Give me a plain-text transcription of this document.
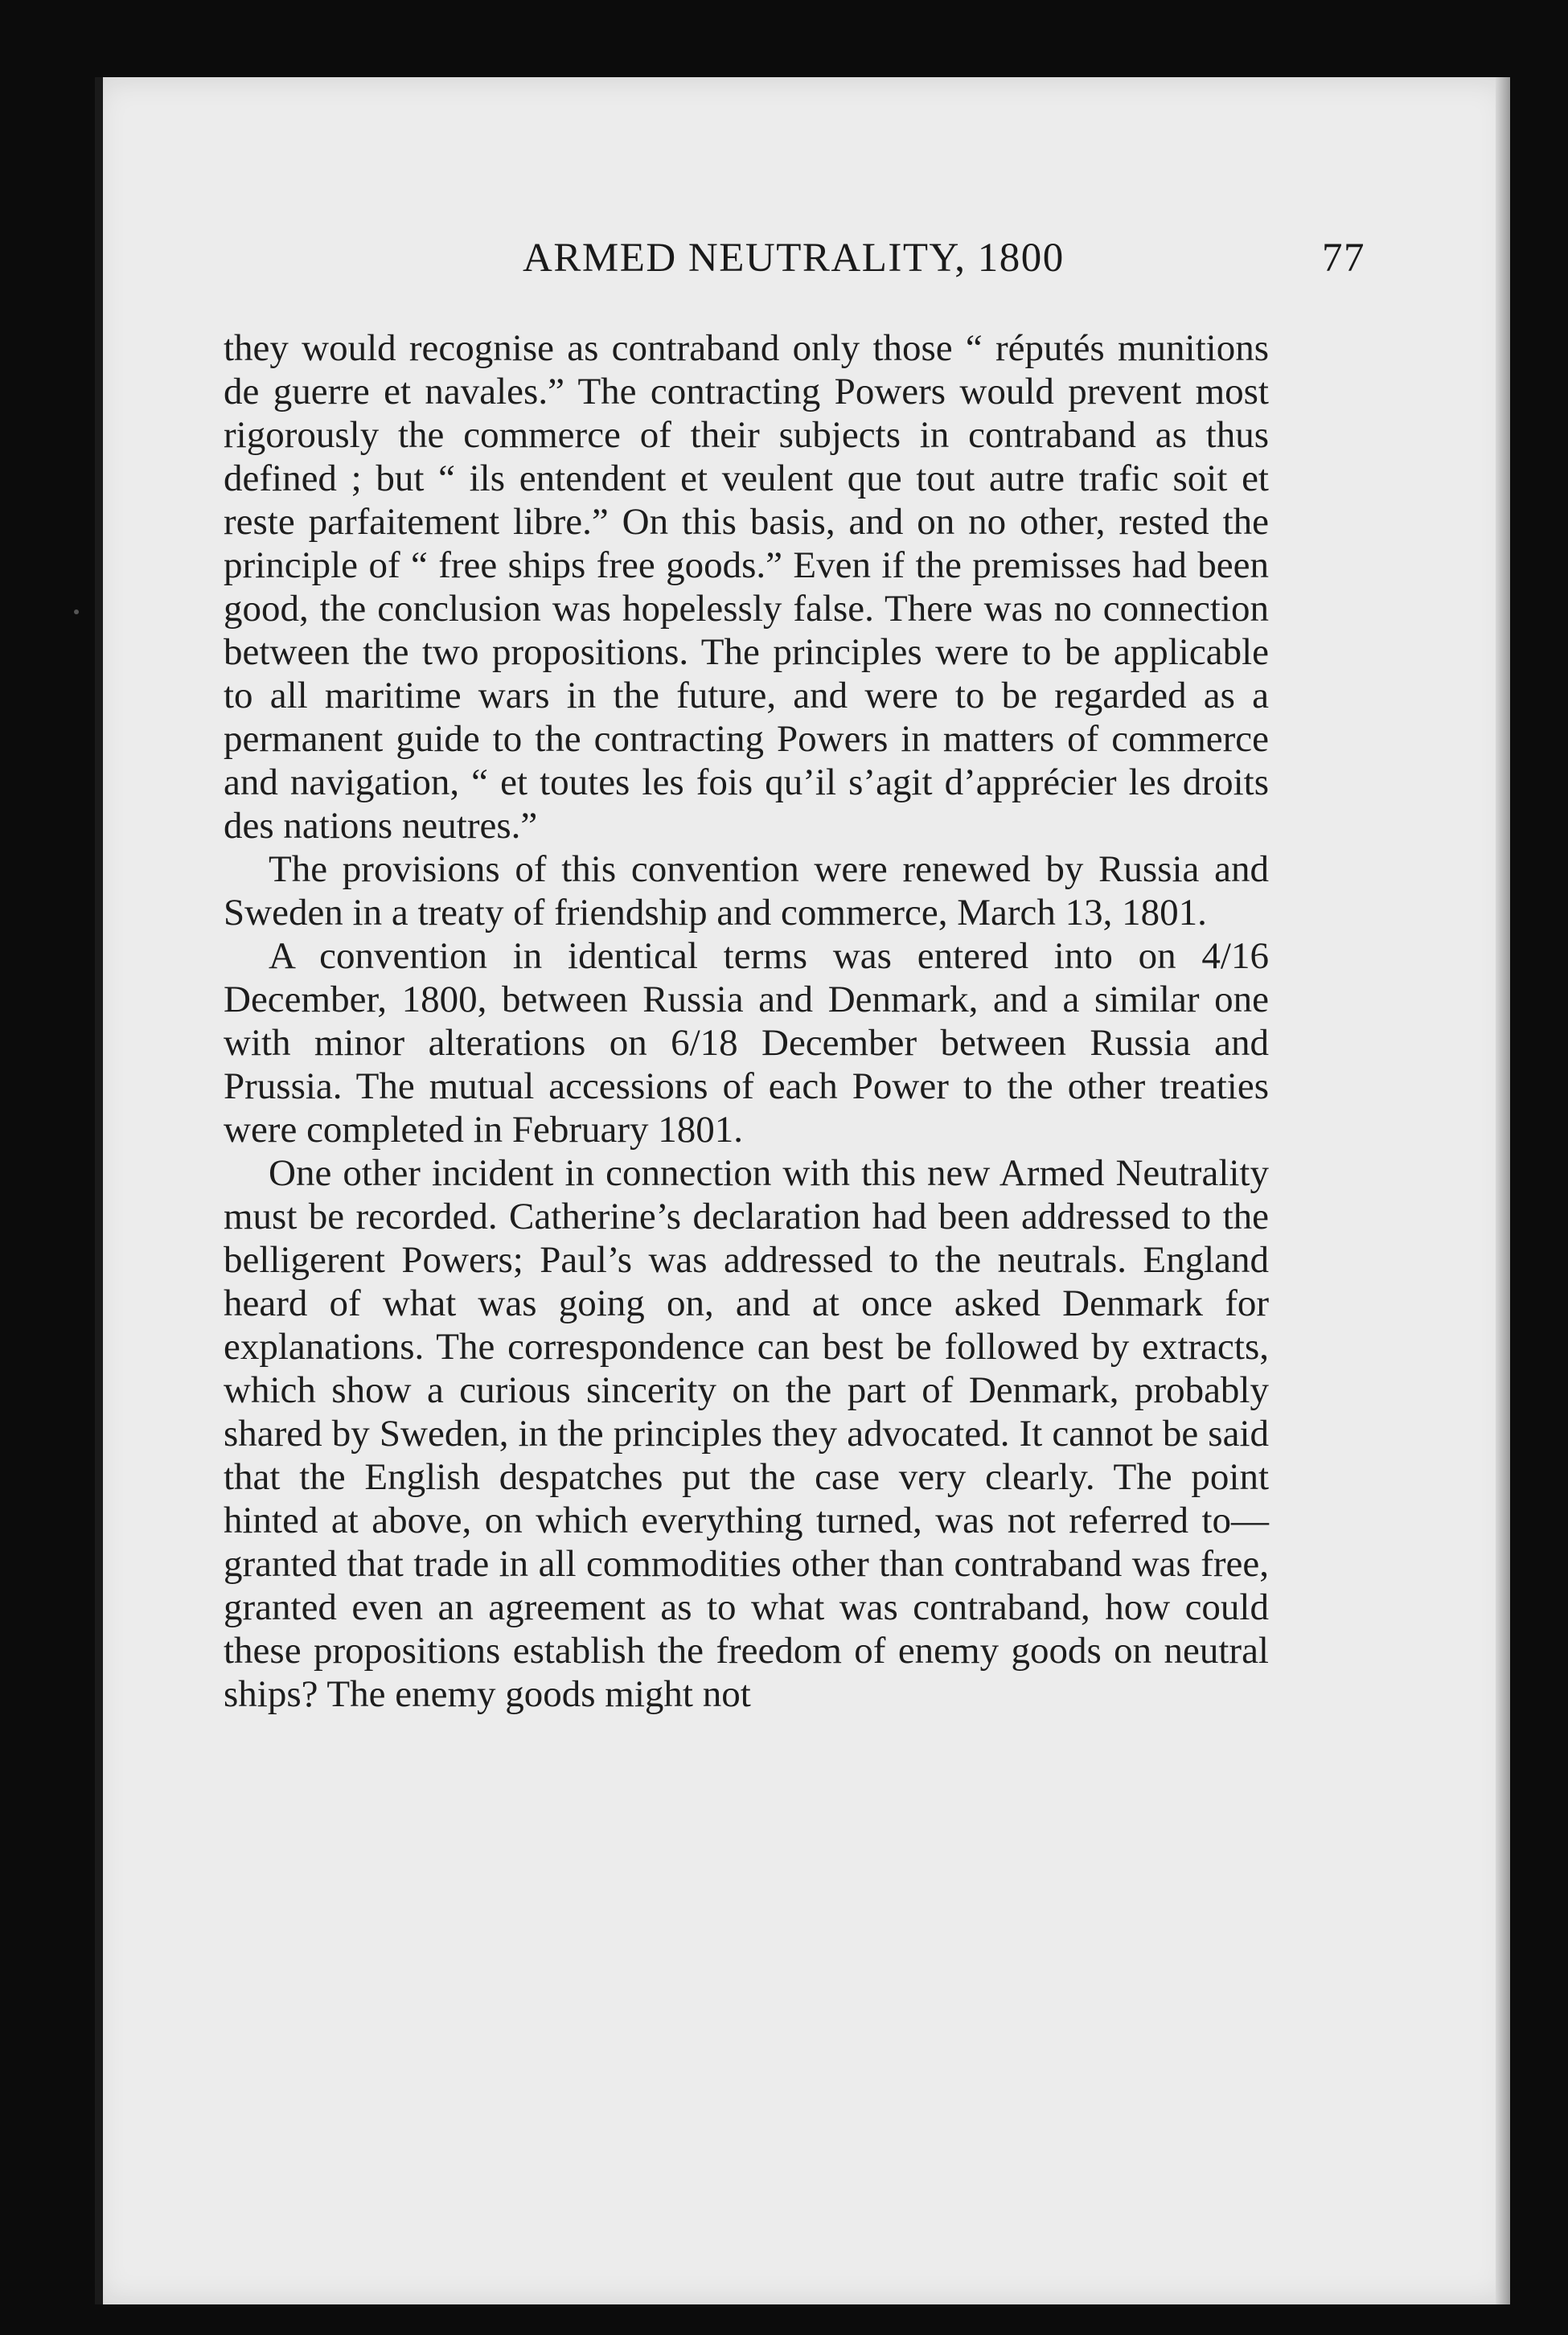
ARMED NEUTRALITY, 1800	77

they would recognise as contraband only those “ réputés munitions de guerre et navales.” The contracting Powers would prevent most rigorously the commerce of their subjects in contraband as thus defined ; but “ ils entendent et veulent que tout autre trafic soit et reste parfaitement libre.” On this basis, and on no other, rested the principle of “ free ships free goods.” Even if the premisses had been good, the conclusion was hopelessly false. There was no connection between the two propositions. The principles were to be applicable to all maritime wars in the future, and were to be regarded as a permanent guide to the contracting Powers in matters of commerce and navigation, “ et toutes les fois qu’il s’agit d’apprécier les droits des nations neutres.”

The provisions of this convention were renewed by Russia and Sweden in a treaty of friendship and commerce, March 13, 1801.

A convention in identical terms was entered into on 4/16 December, 1800, between Russia and Denmark, and a similar one with minor alterations on 6/18 December between Russia and Prussia. The mutual accessions of each Power to the other treaties were completed in February 1801.

One other incident in connection with this new Armed Neutrality must be recorded. Catherine’s declaration had been addressed to the belligerent Powers; Paul’s was addressed to the neutrals. England heard of what was going on, and at once asked Denmark for explanations. The correspondence can best be followed by extracts, which show a curious sincerity on the part of Denmark, probably shared by Sweden, in the principles they advocated. It cannot be said that the English despatches put the case very clearly. The point hinted at above, on which everything turned, was not referred to—granted that trade in all commodities other than contraband was free, granted even an agreement as to what was contraband, how could these propositions establish the freedom of enemy goods on neutral ships? The enemy goods might not
